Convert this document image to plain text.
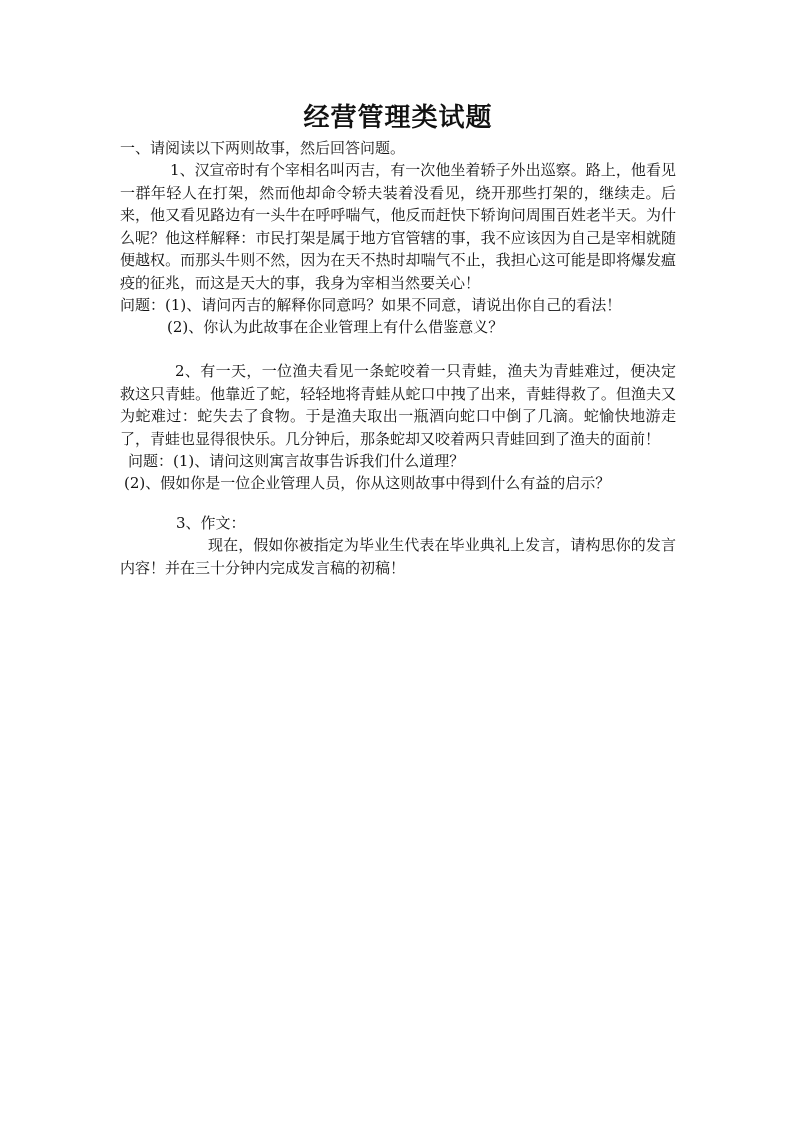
经营管理类试题

一、请阅读以下两则故事，然后回答问题。

1、汉宣帝时有个宰相名叫丙吉，有一次他坐着轿子外出巡察。路上，他看见一群年轻人在打架，然而他却命令轿夫装着没看见，绕开那些打架的，继续走。后来，他又看见路边有一头牛在呼呼喘气，他反而赶快下轿询问周围百姓老半天。为什么呢？他这样解释：市民打架是属于地方官管辖的事，我不应该因为自己是宰相就随便越权。而那头牛则不然，因为在天不热时却喘气不止，我担心这可能是即将爆发瘟疫的征兆，而这是天大的事，我身为宰相当然要关心！

问题：(1)、请问丙吉的解释你同意吗？如果不同意，请说出你自己的看法！

(2)、你认为此故事在企业管理上有什么借鉴意义？

2、有一天，一位渔夫看见一条蛇咬着一只青蛙，渔夫为青蛙难过，便决定救这只青蛙。他靠近了蛇，轻轻地将青蛙从蛇口中拽了出来，青蛙得救了。但渔夫又为蛇难过：蛇失去了食物。于是渔夫取出一瓶酒向蛇口中倒了几滴。蛇愉快地游走了，青蛙也显得很快乐。几分钟后，那条蛇却又咬着两只青蛙回到了渔夫的面前！

问题：(1)、请问这则寓言故事告诉我们什么道理？

(2)、假如你是一位企业管理人员，你从这则故事中得到什么有益的启示？

3、作文：

现在，假如你被指定为毕业生代表在毕业典礼上发言，请构思你的发言内容！并在三十分钟内完成发言稿的初稿！
